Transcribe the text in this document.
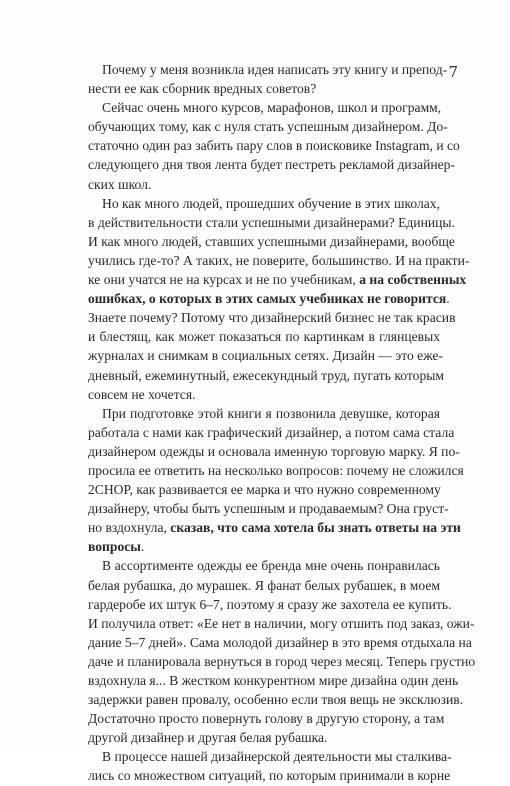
7
Почему у меня возникла идея написать эту книгу и препод-
нести ее как сборник вредных советов?
Сейчас очень много курсов, марафонов, школ и программ,
обучающих тому, как с нуля стать успешным дизайнером. До-
статочно один раз забить пару слов в поисковике Instagram, и со
следующего дня твоя лента будет пестреть рекламой дизайнер-
ских школ.
Но как много людей, прошедших обучение в этих школах,
в действительности стали успешными дизайнерами? Единицы.
И как много людей, ставших успешными дизайнерами, вообще
учились где-то? А таких, не поверите, большинство. И на практи-
ке они учатся не на курсах и не по учебникам, а на собственных
ошибках, о которых в этих самых учебниках не говорится.
Знаете почему? Потому что дизайнерский бизнес не так красив
и блестящ, как может показаться по картинкам в глянцевых
журналах и снимкам в социальных сетях. Дизайн — это еже-
дневный, ежеминутный, ежесекундный труд, пугать которым
совсем не хочется.
При подготовке этой книги я позвонила девушке, которая
работала с нами как графический дизайнер, а потом сама стала
дизайнером одежды и основала именную торговую марку. Я по-
просила ее ответить на несколько вопросов: почему не сложился
2CHOP, как развивается ее марка и что нужно современному
дизайнеру, чтобы быть успешным и продаваемым? Она груст-
но вздохнула, сказав, что сама хотела бы знать ответы на эти
вопросы.
В ассортименте одежды ее бренда мне очень понравилась
белая рубашка, до мурашек. Я фанат белых рубашек, в моем
гардеробе их штук 6–7, поэтому я сразу же захотела ее купить.
И получила ответ: «Ее нет в наличии, могу отшить под заказ, ожи-
дание 5–7 дней». Сама молодой дизайнер в это время отдыхала на
даче и планировала вернуться в город через месяц. Теперь грустно
вздохнула я... В жестком конкурентном мире дизайна один день
задержки равен провалу, особенно если твоя вещь не эксклюзив.
Достаточно просто повернуть голову в другую сторону, а там
другой дизайнер и другая белая рубашка.
В процессе нашей дизайнерской деятельности мы сталкива-
лись со множеством ситуаций, по которым принимали в корне
